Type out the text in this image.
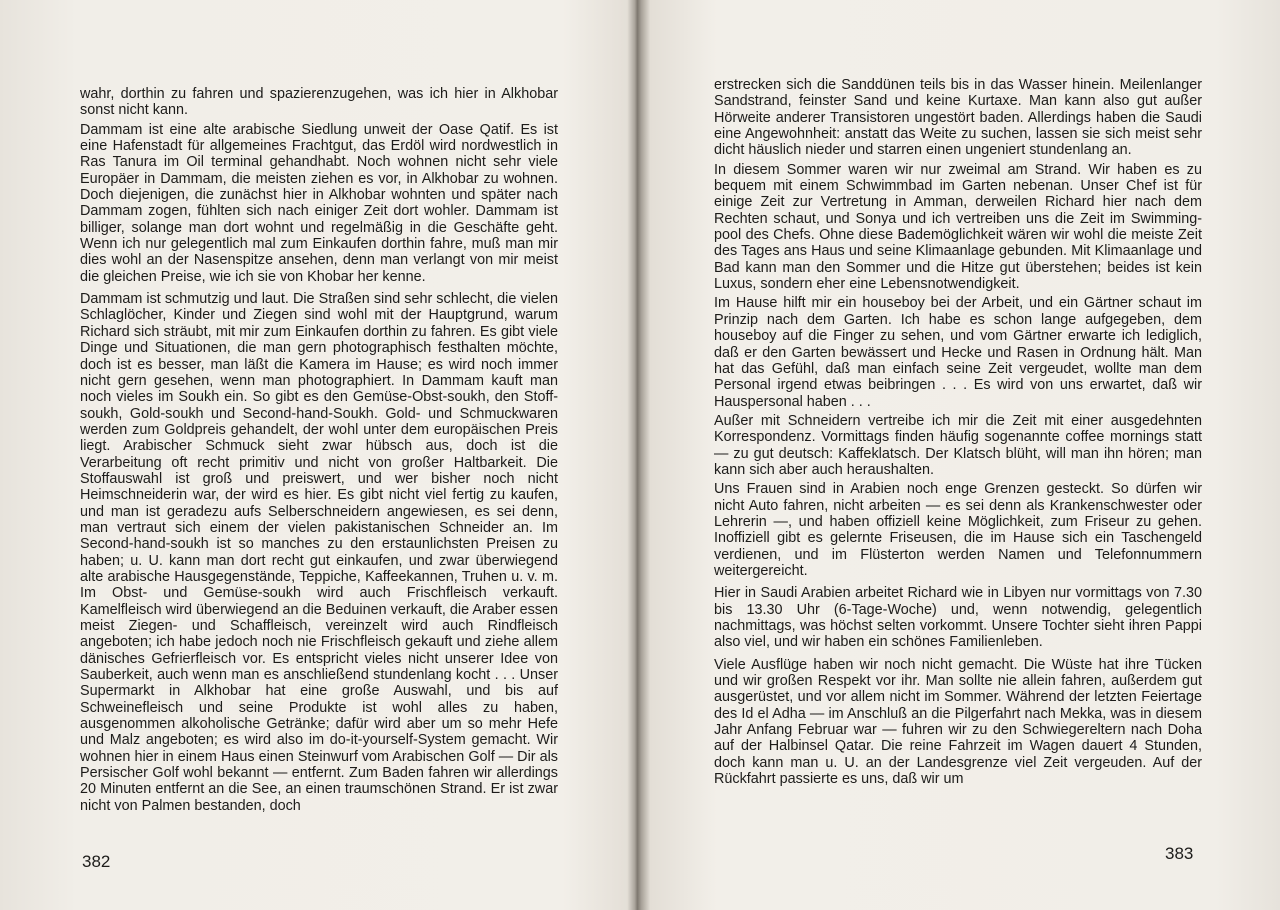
wahr, dorthin zu fahren und spazierenzugehen, was ich hier in Alkhobar sonst nicht kann.

Dammam ist eine alte arabische Siedlung unweit der Oase Qatif. Es ist eine Hafenstadt für allgemeines Frachtgut, das Erdöl wird nordwestlich in Ras Tanura im Oil terminal gehandhabt. Noch wohnen nicht sehr viele Europäer in Dammam, die meisten ziehen es vor, in Alkhobar zu wohnen. Doch diejenigen, die zunächst hier in Alkhobar wohnten und später nach Dammam zogen, fühlten sich nach einiger Zeit dort wohler. Dammam ist billiger, solange man dort wohnt und regelmäßig in die Geschäfte geht. Wenn ich nur gelegentlich mal zum Einkaufen dorthin fahre, muß man mir dies wohl an der Nasenspitze ansehen, denn man verlangt von mir meist die gleichen Preise, wie ich sie von Khobar her kenne.

Dammam ist schmutzig und laut. Die Straßen sind sehr schlecht, die vielen Schlaglöcher, Kinder und Ziegen sind wohl mit der Hauptgrund, warum Richard sich sträubt, mit mir zum Einkaufen dorthin zu fahren. Es gibt viele Dinge und Situationen, die man gern photographisch festhalten möchte, doch ist es besser, man läßt die Kamera im Hause; es wird noch immer nicht gern gesehen, wenn man photographiert. In Dammam kauft man noch vieles im Soukh ein. So gibt es den Gemüse-Obst-soukh, den Stoff-soukh, Gold-soukh und Second-hand-Soukh. Gold- und Schmuckwaren werden zum Goldpreis gehandelt, der wohl unter dem europäischen Preis liegt. Arabischer Schmuck sieht zwar hübsch aus, doch ist die Verarbeitung oft recht primitiv und nicht von großer Haltbarkeit. Die Stoffauswahl ist groß und preiswert, und wer bisher noch nicht Heimschneiderin war, der wird es hier. Es gibt nicht viel fertig zu kaufen, und man ist geradezu aufs Selberschneidern angewiesen, es sei denn, man vertraut sich einem der vielen pakistanischen Schneider an. Im Second-hand-soukh ist so manches zu den erstaunlichsten Preisen zu haben; u. U. kann man dort recht gut einkaufen, und zwar überwiegend alte arabische Hausgegenstände, Teppiche, Kaffeekannen, Truhen u. v. m. Im Obst- und Gemüse-soukh wird auch Frischfleisch verkauft. Kamelfleisch wird überwiegend an die Beduinen verkauft, die Araber essen meist Ziegen- und Schaffleisch, vereinzelt wird auch Rindfleisch angeboten; ich habe jedoch noch nie Frischfleisch gekauft und ziehe allem dänisches Gefrierfleisch vor. Es entspricht vieles nicht unserer Idee von Sauberkeit, auch wenn man es anschließend stundenlang kocht . . . Unser Supermarkt in Alkhobar hat eine große Auswahl, und bis auf Schweinefleisch und seine Produkte ist wohl alles zu haben, ausgenommen alkoholische Getränke; dafür wird aber um so mehr Hefe und Malz angeboten; es wird also im do-it-yourself-System gemacht. Wir wohnen hier in einem Haus einen Steinwurf vom Arabischen Golf — Dir als Persischer Golf wohl bekannt — entfernt. Zum Baden fahren wir allerdings 20 Minuten entfernt an die See, an einen traumschönen Strand. Er ist zwar nicht von Palmen bestanden, doch

382

erstrecken sich die Sanddünen teils bis in das Wasser hinein. Meilenlanger Sandstrand, feinster Sand und keine Kurtaxe. Man kann also gut außer Hörweite anderer Transistoren ungestört baden. Allerdings haben die Saudi eine Angewohnheit: anstatt das Weite zu suchen, lassen sie sich meist sehr dicht häuslich nieder und starren einen ungeniert stundenlang an.

In diesem Sommer waren wir nur zweimal am Strand. Wir haben es zu bequem mit einem Schwimmbad im Garten nebenan. Unser Chef ist für einige Zeit zur Vertretung in Amman, derweilen Richard hier nach dem Rechten schaut, und Sonya und ich vertreiben uns die Zeit im Swimming-pool des Chefs. Ohne diese Bademöglichkeit wären wir wohl die meiste Zeit des Tages ans Haus und seine Klimaanlage gebunden. Mit Klimaanlage und Bad kann man den Sommer und die Hitze gut überstehen; beides ist kein Luxus, sondern eher eine Lebensnotwendigkeit.

Im Hause hilft mir ein houseboy bei der Arbeit, und ein Gärtner schaut im Prinzip nach dem Garten. Ich habe es schon lange aufgegeben, dem houseboy auf die Finger zu sehen, und vom Gärtner erwarte ich lediglich, daß er den Garten bewässert und Hecke und Rasen in Ordnung hält. Man hat das Gefühl, daß man einfach seine Zeit vergeudet, wollte man dem Personal irgend etwas beibringen . . . Es wird von uns erwartet, daß wir Hauspersonal haben . . .

Außer mit Schneidern vertreibe ich mir die Zeit mit einer ausgedehnten Korrespondenz. Vormittags finden häufig sogenannte coffee mornings statt — zu gut deutsch: Kaffeklatsch. Der Klatsch blüht, will man ihn hören; man kann sich aber auch heraushalten.

Uns Frauen sind in Arabien noch enge Grenzen gesteckt. So dürfen wir nicht Auto fahren, nicht arbeiten — es sei denn als Krankenschwester oder Lehrerin —, und haben offiziell keine Möglichkeit, zum Friseur zu gehen. Inoffiziell gibt es gelernte Friseusen, die im Hause sich ein Taschengeld verdienen, und im Flüsterton werden Namen und Telefonnummern weitergereicht.

Hier in Saudi Arabien arbeitet Richard wie in Libyen nur vormittags von 7.30 bis 13.30 Uhr (6-Tage-Woche) und, wenn notwendig, gelegentlich nachmittags, was höchst selten vorkommt. Unsere Tochter sieht ihren Pappi also viel, und wir haben ein schönes Familienleben.

Viele Ausflüge haben wir noch nicht gemacht. Die Wüste hat ihre Tücken und wir großen Respekt vor ihr. Man sollte nie allein fahren, außerdem gut ausgerüstet, und vor allem nicht im Sommer. Während der letzten Feiertage des Id el Adha — im Anschluß an die Pilgerfahrt nach Mekka, was in diesem Jahr Anfang Februar war — fuhren wir zu den Schwiegereltern nach Doha auf der Halbinsel Qatar. Die reine Fahrzeit im Wagen dauert 4 Stunden, doch kann man u. U. an der Landesgrenze viel Zeit vergeuden. Auf der Rückfahrt passierte es uns, daß wir um

383
